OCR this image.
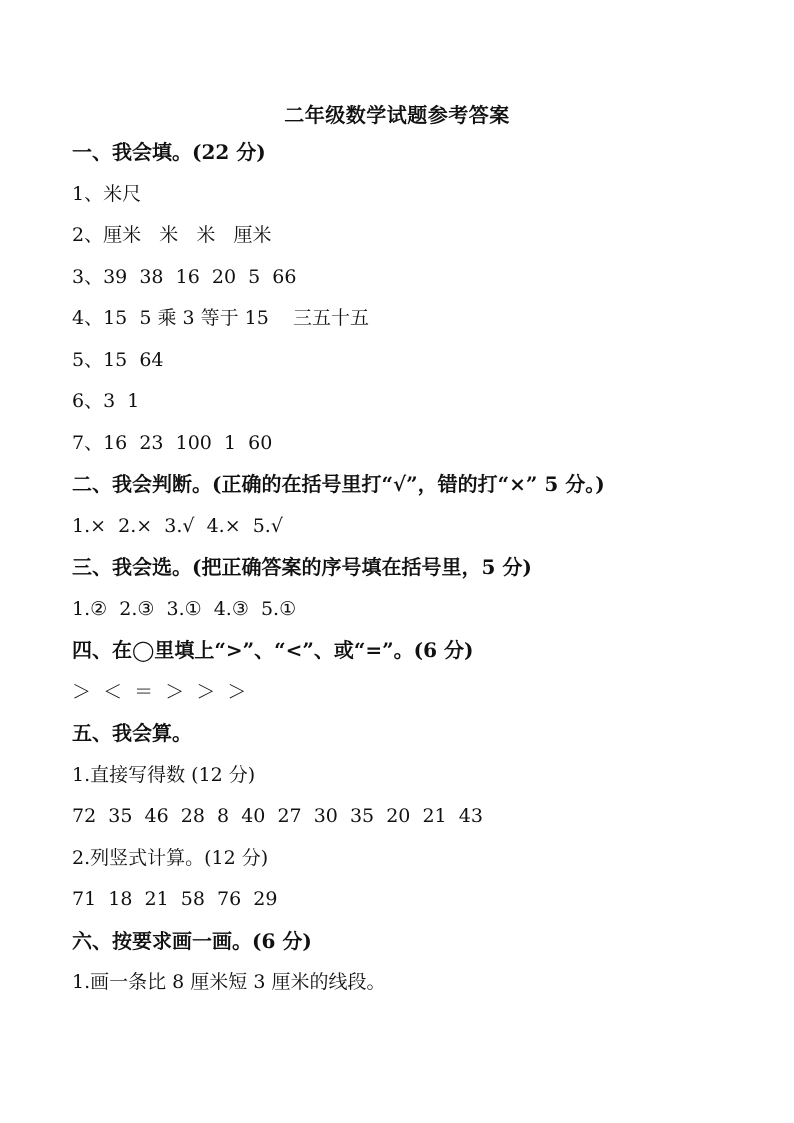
二年级数学试题参考答案
一、我会填。(22 分)
1、米尺
2、厘米   米   米   厘米
3、39  38  16  20  5  66
4、15  5 乘 3 等于 15    三五十五
5、15  64
6、3  1
7、16  23  100  1  60
二、我会判断。(正确的在括号里打“√”，错的打“×” 5 分。)
1.×  2.×  3.√  4.×  5.√
三、我会选。(把正确答案的序号填在括号里，5 分)
1.②  2.③  3.①  4.③  5.①
四、在◯里填上“>”、“<”、或“=”。(6 分)
＞  ＜  ＝  ＞  ＞  ＞
五、我会算。
1.直接写得数 (12 分)
72  35  46  28  8  40  27  30  35  20  21  43
2.列竖式计算。(12 分)
71  18  21  58  76  29
六、按要求画一画。(6 分)
1.画一条比 8 厘米短 3 厘米的线段。
